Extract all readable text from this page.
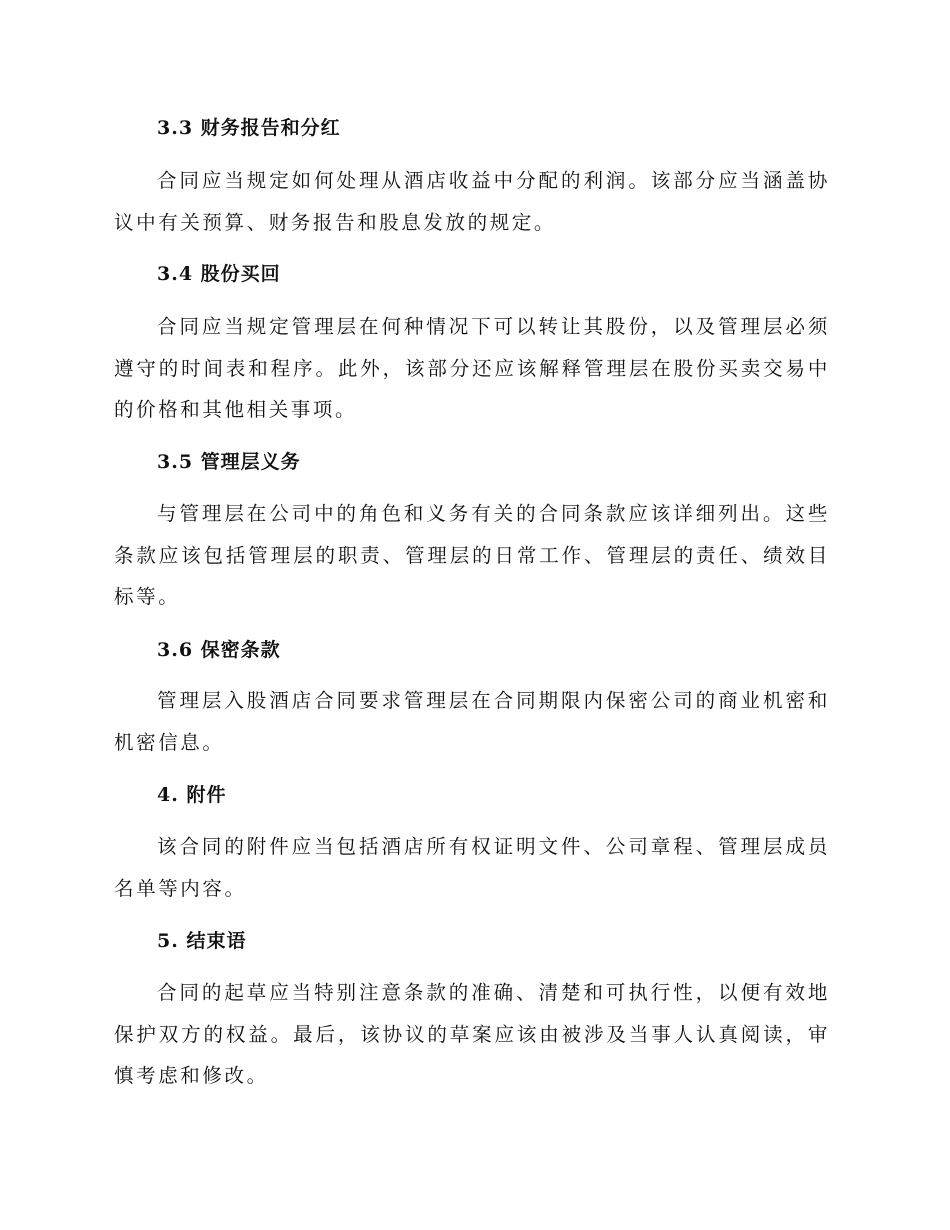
3.3 财务报告和分红

合同应当规定如何处理从酒店收益中分配的利润。该部分应当涵盖协议中有关预算、财务报告和股息发放的规定。

3.4 股份买回

合同应当规定管理层在何种情况下可以转让其股份，以及管理层必须遵守的时间表和程序。此外，该部分还应该解释管理层在股份买卖交易中的价格和其他相关事项。

3.5 管理层义务

与管理层在公司中的角色和义务有关的合同条款应该详细列出。这些条款应该包括管理层的职责、管理层的日常工作、管理层的责任、绩效目标等。

3.6 保密条款

管理层入股酒店合同要求管理层在合同期限内保密公司的商业机密和机密信息。

4. 附件

该合同的附件应当包括酒店所有权证明文件、公司章程、管理层成员名单等内容。

5. 结束语

合同的起草应当特别注意条款的准确、清楚和可执行性，以便有效地保护双方的权益。最后，该协议的草案应该由被涉及当事人认真阅读，审慎考虑和修改。
